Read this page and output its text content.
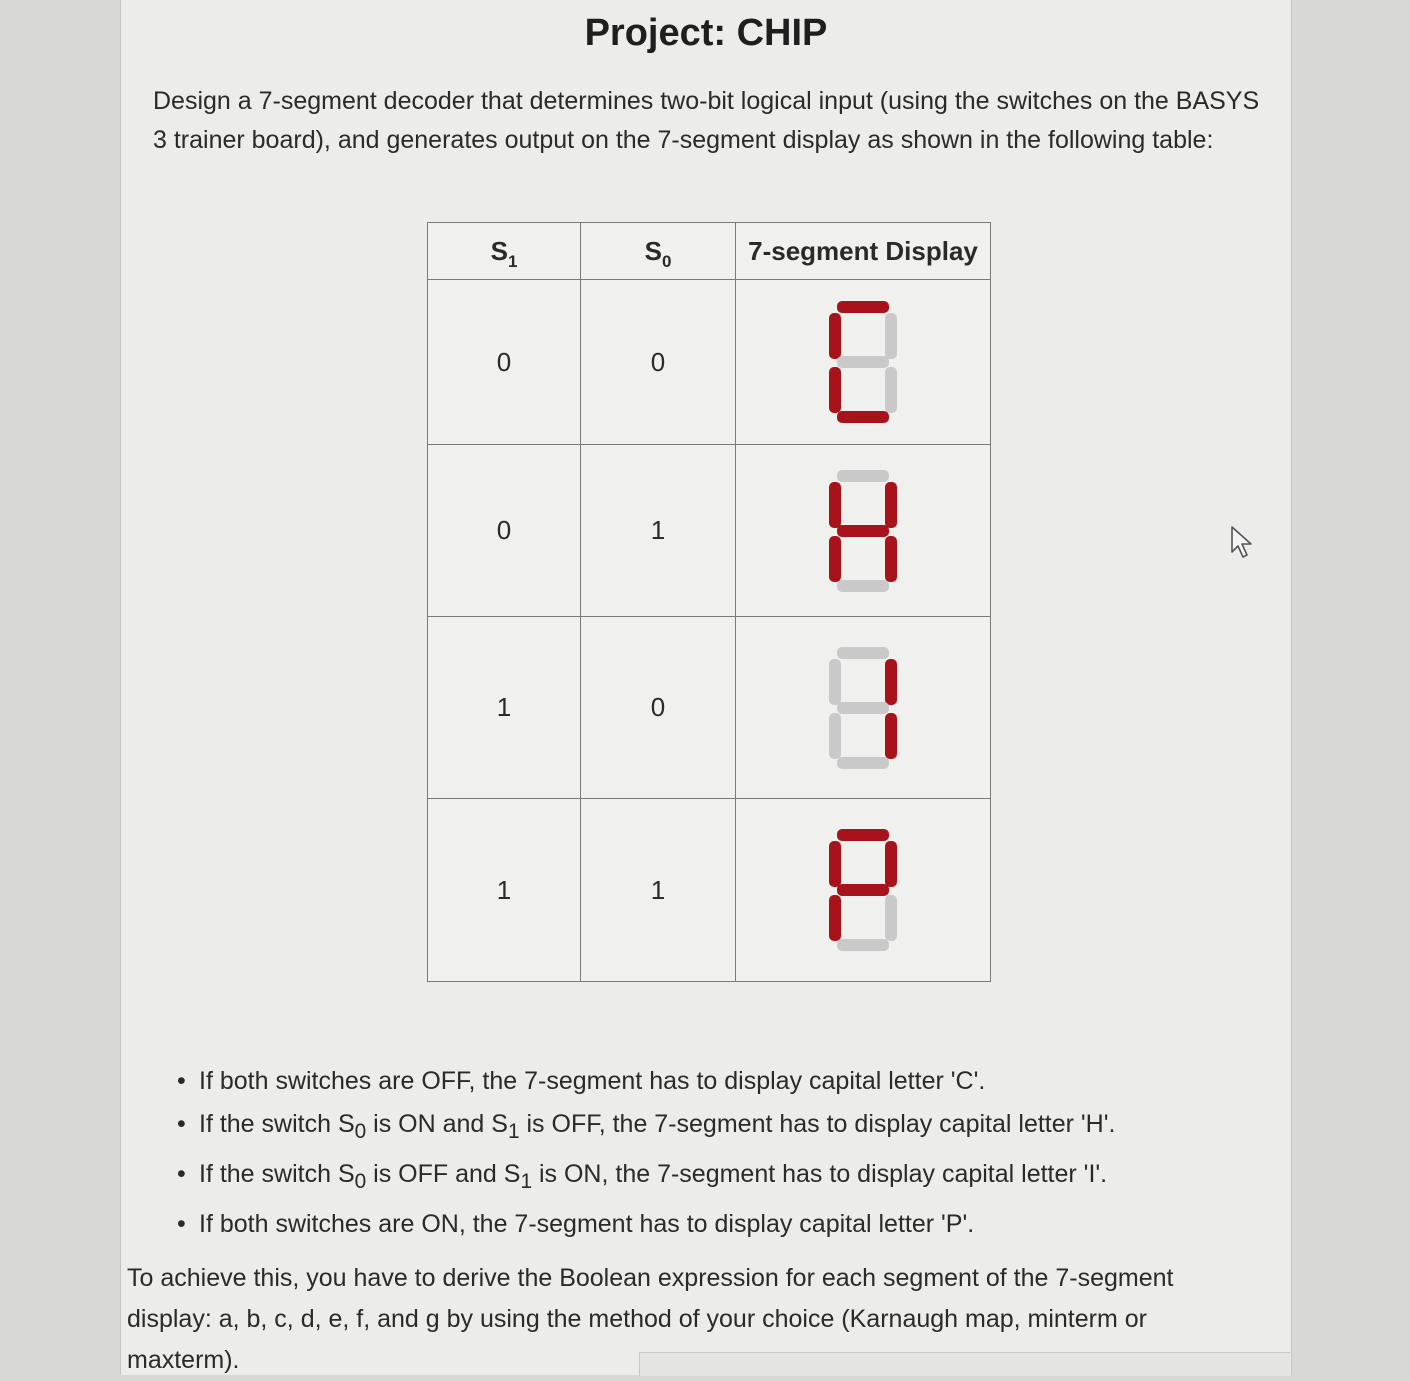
Project: CHIP

Design a 7-segment decoder that determines two-bit logical input (using the switches on the BASYS 3 trainer board), and generates output on the 7-segment display as shown in the following table:

$S_1$	$S_0$	7-segment Display
0	0	

0	1	

1	0	

1	1	
• If both switches are OFF, the 7-segment has to display capital letter 'C'.
• If the switch $S_0$ is ON and $S_1$ is OFF, the 7-segment has to display capital letter 'H'.
• If the switch $S_0$ is OFF and $S_1$ is ON, the 7-segment has to display capital letter 'I'.
• If both switches are ON, the 7-segment has to display capital letter 'P'.

To achieve this, you have to derive the Boolean expression for each segment of the 7-segment display: a, b, c, d, e, f, and g by using the method of your choice (Karnaugh map, minterm or maxterm).
